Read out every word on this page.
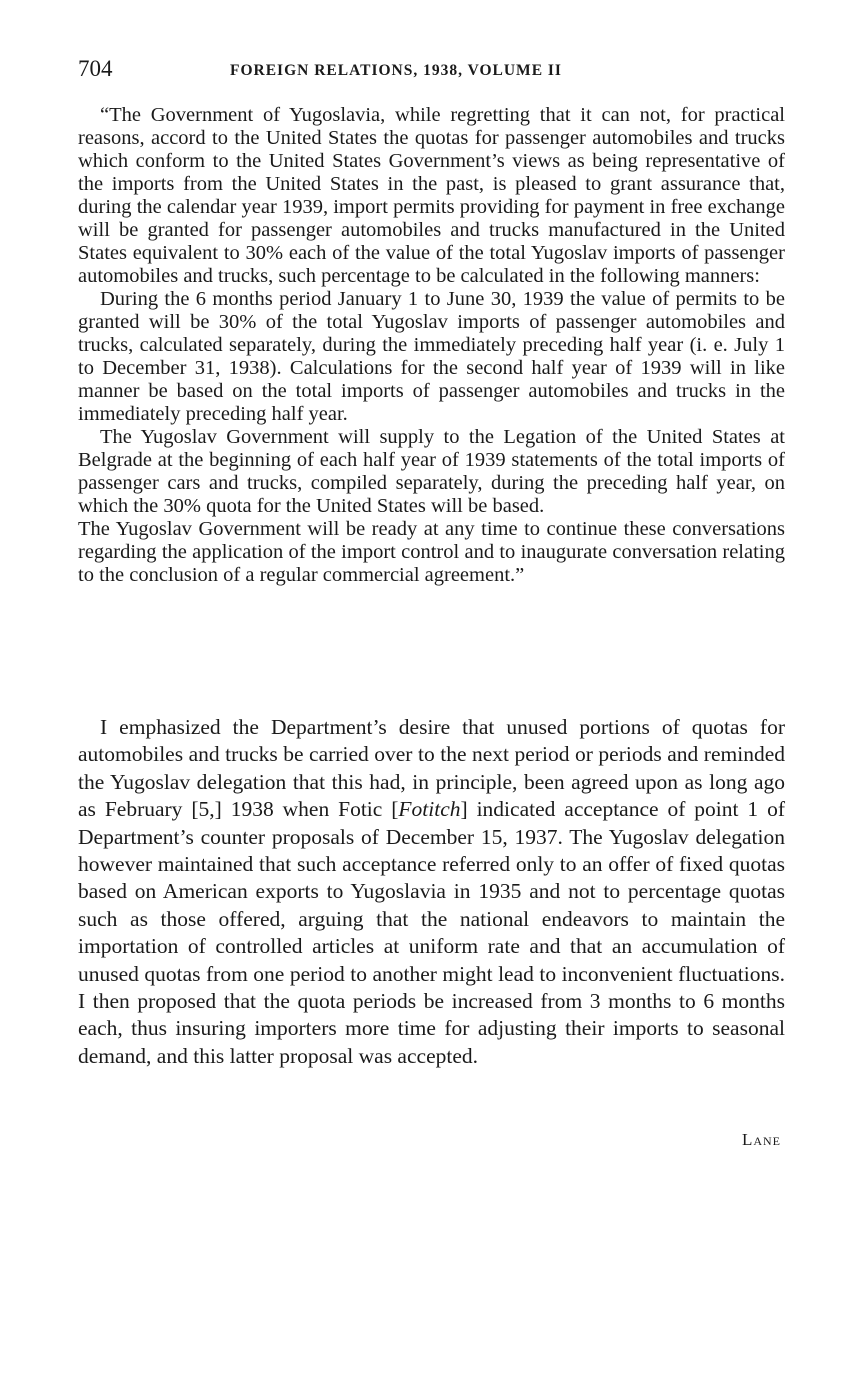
704	FOREIGN RELATIONS, 1938, VOLUME II

“The Government of Yugoslavia, while regretting that it can not, for practical reasons, accord to the United States the quotas for passenger automobiles and trucks which conform to the United States Government’s views as being representative of the imports from the United States in the past, is pleased to grant assurance that, during the calendar year 1939, import permits providing for payment in free exchange will be granted for passenger automobiles and trucks manufactured in the United States equivalent to 30% each of the value of the total Yugoslav imports of passenger automobiles and trucks, such percentage to be calculated in the following manners:

During the 6 months period January 1 to June 30, 1939 the value of permits to be granted will be 30% of the total Yugoslav imports of passenger automobiles and trucks, calculated separately, during the immediately preceding half year (i. e. July 1 to December 31, 1938). Calculations for the second half year of 1939 will in like manner be based on the total imports of passenger automobiles and trucks in the immediately preceding half year.

The Yugoslav Government will supply to the Legation of the United States at Belgrade at the beginning of each half year of 1939 statements of the total imports of passenger cars and trucks, compiled separately, during the preceding half year, on which the 30% quota for the United States will be based.

The Yugoslav Government will be ready at any time to continue these conversations regarding the application of the import control and to inaugurate conversation relating to the conclusion of a regular commercial agreement.”

I emphasized the Department’s desire that unused portions of quotas for automobiles and trucks be carried over to the next period or periods and reminded the Yugoslav delegation that this had, in principle, been agreed upon as long ago as February [5,] 1938 when Fotic [Fotitch] indicated acceptance of point 1 of Department’s counter proposals of December 15, 1937. The Yugoslav delegation however maintained that such acceptance referred only to an offer of fixed quotas based on American exports to Yugoslavia in 1935 and not to percentage quotas such as those offered, arguing that the national endeavors to maintain the importation of controlled articles at uniform rate and that an accumulation of unused quotas from one period to another might lead to inconvenient fluctuations. I then proposed that the quota periods be increased from 3 months to 6 months each, thus insuring importers more time for adjusting their imports to seasonal demand, and this latter proposal was accepted.

Lane
